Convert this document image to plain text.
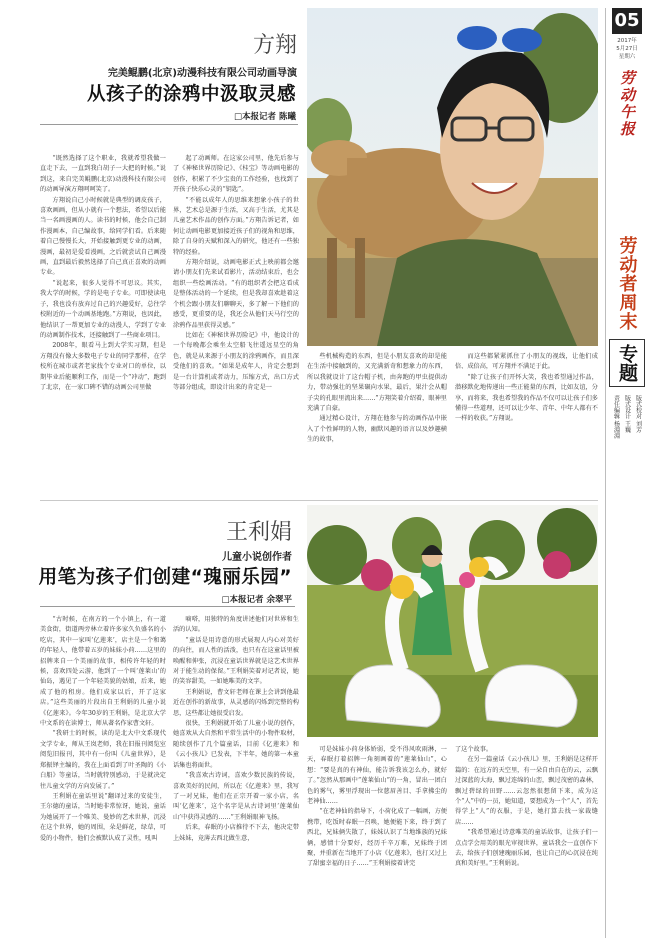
05
2017年
5月27日
星期六
劳动午报
劳动者周末
专题
责任编辑 杨淵淵 版式设计 王巍 版式校对 刘芳
方翔
完美鲲鹏(北京)动漫科技有限公司动画导演
从孩子的涂鸦中汲取灵感
□本报记者 陈曦

“既然选择了这个职业，我就希望我做一直走下去，一直到我白胡子一大把的时候。”说到这，来自完美鲲鹏(北京)动漫科技有限公司的动画导演方翔呵呵笑了。

方翔说自己小时候就是典型的调皮孩子，喜欢画画，但从小就有一个想法，希望以后能当一名画漫画的人。读书的时候，他会自己制作漫画本，自己编故事，给同学们看。后来随着自己慢慢长大，开始接触到更专业的动画，漫画，最初是爱看漫画，之后就尝试自己画漫画，直到最后毅然选择了自己真正喜欢的动画专业。

“说起来，很多人觉得不可思议。其实，我大学的时候，学的是电子专业。可即使读电子，我也没有放弃过自己的兴趣爱好，总往学校附近的一个动画基地跑。”方翔说，也因此，他结识了一帮更加专业的动漫人，学到了专业的动画制作技术，还接触到了一些商业项目。

2008年，眼看马上到大学实习期，但是方翔没有像大多数电子专业的同学那样，在学校所在城市或者老家找个专业对口的单位，以期毕业后能顺利工作，而是一个“冲动”，跑到了北京，在一家口碑不错的动画公司里做

起了动画师。在这家公司里，他先后参与了《神秘世界历险记》、《桂宝》等动画电影的创作，积累了不少宝贵的工作经验，也找到了开孩子快乐心灵的“钥匙”。

“不能以成年人的思维来想象小孩子的世界，艺术总是源于生活，又高于生活，尤其是儿童艺术作品的创作方面。”方翔告诉记者，如何让动画电影更加接近孩子们的视角和思维，除了自身的天赋和深入的研究，他还有一些独特的经验。

方翔介绍说，动画电影正式上映前都会邀请小朋友们先来试看影片，活动结束后，也会组织一些绘画活动。“有的组织者会把这看成是整体活动的一个延续，但是我却喜欢趁着这个机会跟小朋友们聊聊天，多了解一下他们的感受，更重要的是，我还会从他们天马行空的涂鸦作品里获得灵感。”

比如在《神秘世界历险记》中，他设计的一个每晚都会乘坐太空船飞往遥远星空的角色，就是从来源于小朋友的涂鸦画作，而且深受他们的喜欢。“如果是成年人，肯定会想到是一台计算机或者动力，压缩方式，出口方式等部分组成，即设计出来的肯定是一

些机械构造的东西，但是小朋友喜欢的却是能在生活中接触到的，又充满新奇和想象力的东西，所以我就设计了这台帽子机，由奔跑的甲虫提供动力，带动强壮的坚果碾向水果，最后，果汁会从帽子尖的孔眼里流出来……”方翔笑着介绍着，眼神里充满了自豪。

通过精心设计，方翔在他参与的动画作品中嵌入了个性鲜明的人物，幽默风趣的语言以及妙趣横生的故事，

而这些都紧紧抓住了小朋友的视线，让他们成倍、成倍高，可方翔并不满足于此。

“除了让孩子们开怀大笑，我也希望通过作品，潜移默化地传递出一些正能量的东西，比如友谊，分享，而将来，我也希望我的作品不仅可以让孩子们多懂得一些道理，还可以让少年、青年、中年人都有不一样的收获。”方翔说。

王利娟
儿童小说创作者
用笔为孩子们创建“瑰丽乐园”
□本报记者 余翠平

“古时候，在南方的一个小镇上，有一道美食街，街道两旁林立着许多家久负盛名的小吃店，其中一家叫‘亿莲来’，店主是一个和蔼的年轻人，他带着五岁的妹妹小荷……这里的招牌来自一个美丽的故事，相传许年轻的时候，喜欢四处云游，他到了一个叫‘莲莱山’的仙岛，遇见了一个年轻美貌的姑娘，后来，她成了他的租房。他们成家以后，开了这家店。”这些美丽的片段出自王利娟的儿童小说《亿莲来》。今年30岁的王利娟，是北京大学中文系的在读博士，师从著名作家曹文轩。

“我研士的时候，读的是北大中文系现代文学专业，师从王岚老师，我在旧报刊阅览室阅览旧报刊，其中有一份叫《儿童世界》，是郑振铎主编的，我在上面看到了叶圣陶的《小白船》等童话，当时就特别感动，于是就决定往儿童文学的方向发展了。”

王利娟在童话里说“翻译过来的安徒生，王尔德的童话，当时她非常惊讶，她说，童话为她展开了一个唯美、曼妙的艺术世界，沉浸在这个世界，她的周围，朵是鲜花，绿草，可爱的小物件，他们会被默认成了灵性，吼叫

嘀嗒，用独特的角度讲述他们对世界和生活的认知。

“童话是用诗意的形式展现人内心对美好的向往，而人性的活泼，也只有在这童话里被唤醒和伸张，沉浸在童话世界就是这艺术世界对于能生动的保留。”王利娟笑着对记者说，她的笑容甜美，一如她唯美的文字。

王利娟说，曹文轩老师在课上会讲到他最近在创作的新故事，从灵感的闪烁到完整的构思，这些都让她很受启发。

很快，王利娟就开始了儿童小说的创作，她喜欢从大自然和平常生活中的小物件取材，随续创作了几个篇童话，目前《亿莲来》和《云小孩儿》已发表，下半年，她的第一本童话集也将面世。

“我喜欢古诗词，喜欢少数民族的传说，喜欢美好的民间，所以在《亿莲来》里，我写了一对兄妹，他们在正宗开着一家小店，名叫‘亿莲来’，这个名字是从古诗词里‘莲莱仙山’中获得灵感的……”王利娟眼神飞扬。

后来，春眠的小店推待不下去，他决定带上妹妹，竟薄去西北做生意，

可是妹妹小荷身体娇弱，受不得风吹雨淋，一天，春眠打着招牌一角刻画着的“莲莱仙山”，心想：“要是真的有神仙，能告诉我该怎么办，就好了。”忽然从那画中“莲莱仙山”的一角，冒出一团白色的雾气，雾里浮现出一位慈眉善目、手拿拂尘的老神仙……

“在老神仙的指导下，小荷化成了一幅画，方便携带，吃饭时春眠一召唤，她便能下来，终于到了西北，兄妹俩失散了，妹妹认识了当地维族的兄妹俩，感情十分要好，经历千辛万难，兄妹终于团聚，并重新在当地开了小店《亿莲来》，也打又过上了甜蜜幸福的日子……”王利娟接着讲完

了这个故事。

在另一篇童话《云小孩儿》里，王利娟是这样开篇的：在远方的天空里，有一朵自由自在的云，云飘过深蓝的大海，飘过连绵的山峦，飘过茂密的森林，飘过碧绿的田野……云忽然很想留下来，成为这个“人”中的一员，她知道，要想成为一个“人”，首先得学上“人”的衣服，于是，她打算去找一家裁缝店……

“我希望通过诗意唯美的童话故事，让孩子们一点点学会用美的眼光审视世界，童话我会一直创作下去，给孩子们创建瑰丽乐园，也让自己的心沉浸在纯真和美好里。”王利娟说。
